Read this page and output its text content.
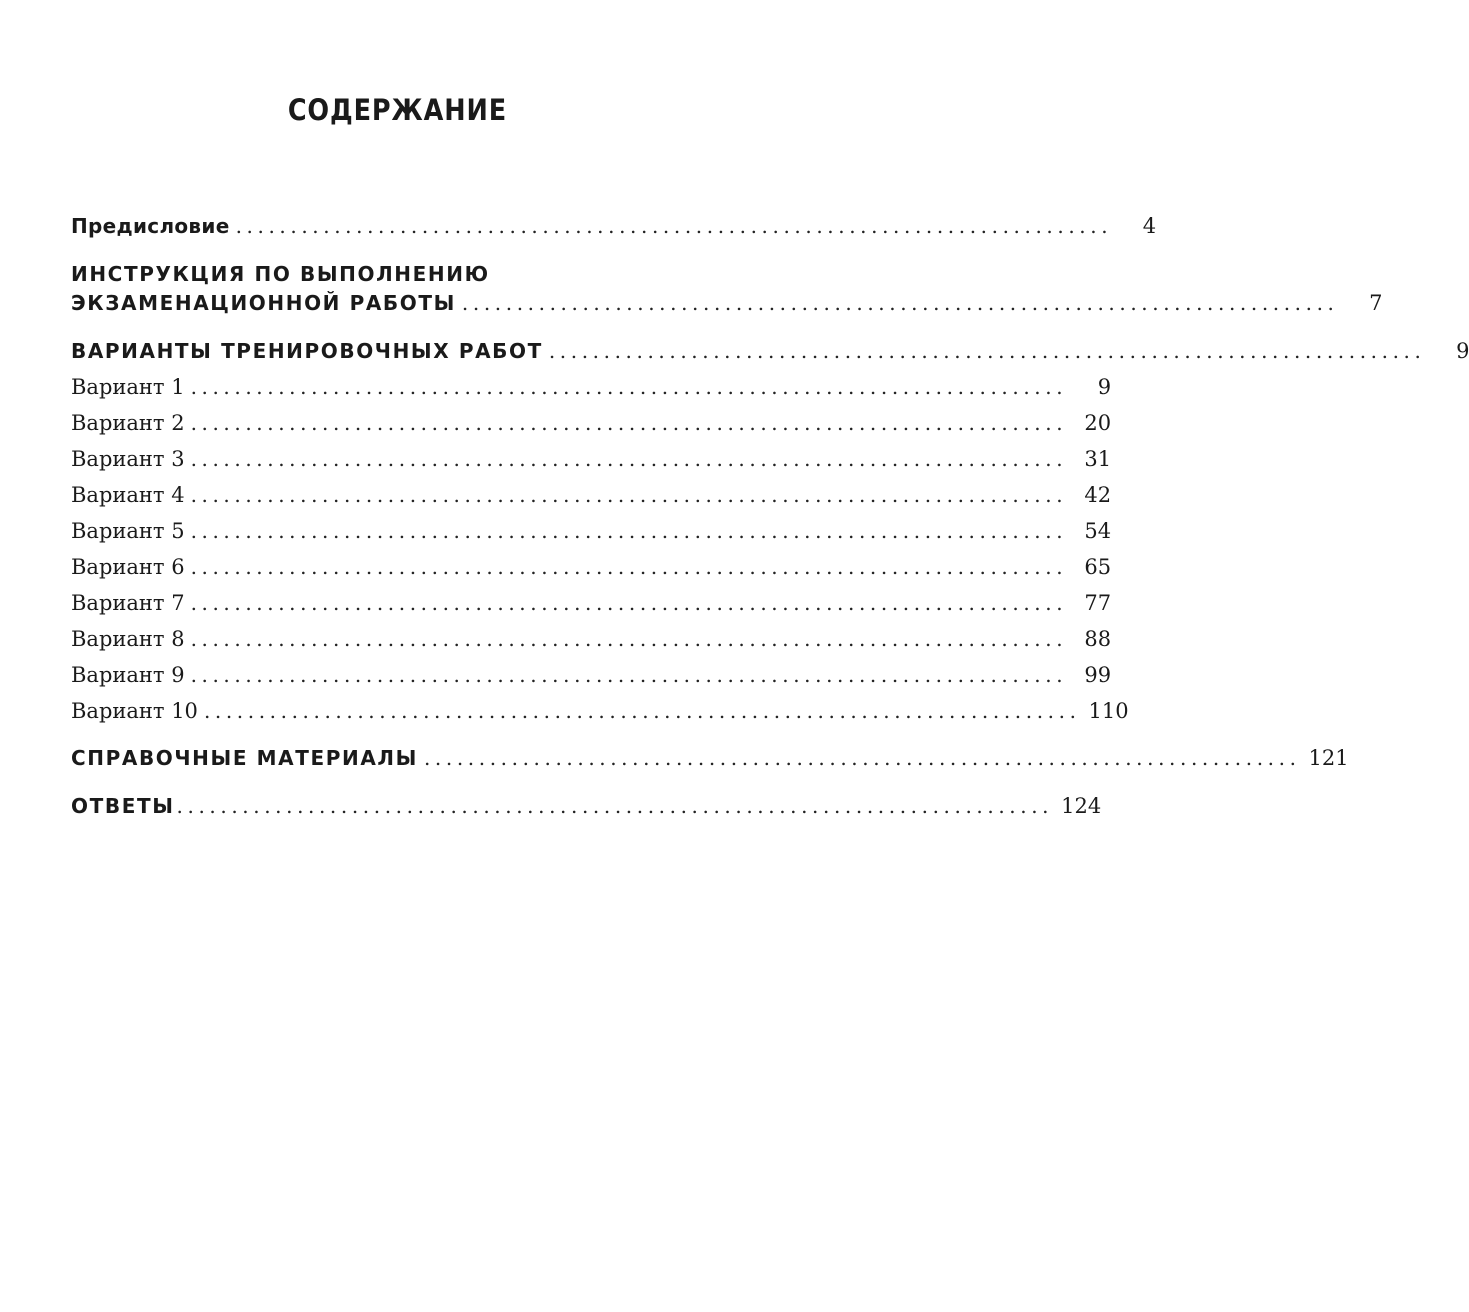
СОДЕРЖАНИЕ
Предисловие ................................................................................	4
ИНСТРУКЦИЯ ПО ВЫПОЛНЕНИЮ
ЭКЗАМЕНАЦИОННОЙ РАБОТЫ ................................................................................	7
ВАРИАНТЫ ТРЕНИРОВОЧНЫХ РАБОТ ................................................................................	9
Вариант 1 ................................................................................	9
Вариант 2 ................................................................................ 20
Вариант 3 ................................................................................ 31
Вариант 4 ................................................................................ 42
Вариант 5 ................................................................................ 54
Вариант 6 ................................................................................ 65
Вариант 7 ................................................................................ 77
Вариант 8 ................................................................................ 88
Вариант 9 ................................................................................ 99
Вариант 10 ................................................................................ 110
СПРАВОЧНЫЕ МАТЕРИАЛЫ ................................................................................ 121
ОТВЕТЫ ................................................................................ 124
